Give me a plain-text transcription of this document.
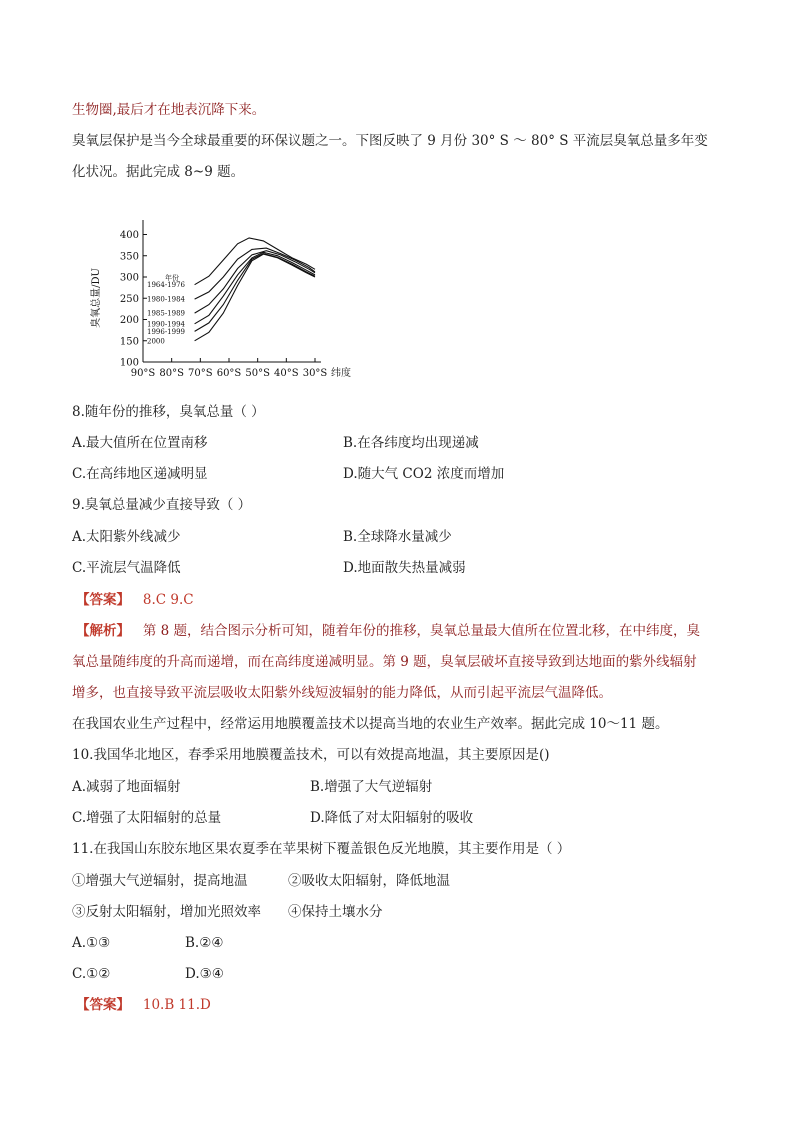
生物圈,最后才在地表沉降下来。
臭氧层保护是当今全球最重要的环保议题之一。下图反映了 9 月份 30° S ～ 80° S 平流层臭氧总量多年变
化状况。据此完成 8~9 题。
400
350
300
250
200
150
100
90°S 80°S 70°S 60°S 50°S 40°S 30°S 纬度
臭氧总量/DU	年份
1964-1976
1980-1984
1985-1989
1990-1994
1996-1999
2000
8.随年份的推移，臭氧总量（ ）
A.最大值所在位置南移	B.在各纬度均出现递减
C.在高纬地区递减明显	D.随大气 CO2 浓度而增加
9.臭氧总量减少直接导致（ ）
A.太阳紫外线减少	B.全球降水量减少
C.平流层气温降低	D.地面散失热量减弱
【答案】 8.C 9.C
【解析】 第 8 题，结合图示分析可知，随着年份的推移，臭氧总量最大值所在位置北移，在中纬度，臭
氧总量随纬度的升高而递增，而在高纬度递减明显。第 9 题，臭氧层破坏直接导致到达地面的紫外线辐射
增多，也直接导致平流层吸收太阳紫外线短波辐射的能力降低，从而引起平流层气温降低。
在我国农业生产过程中，经常运用地膜覆盖技术以提高当地的农业生产效率。据此完成 10～11 题。
10.我国华北地区，春季采用地膜覆盖技术，可以有效提高地温，其主要原因是()
A.减弱了地面辐射	B.增强了大气逆辐射
C.增强了太阳辐射的总量	D.降低了对太阳辐射的吸收
11.在我国山东胶东地区果农夏季在苹果树下覆盖银色反光地膜，其主要作用是（ ）
①增强大气逆辐射，提高地温	②吸收太阳辐射，降低地温
③反射太阳辐射，增加光照效率 ④保持土壤水分
A.①③	B.②④
C.①②	D.③④
【答案】 10.B 11.D
